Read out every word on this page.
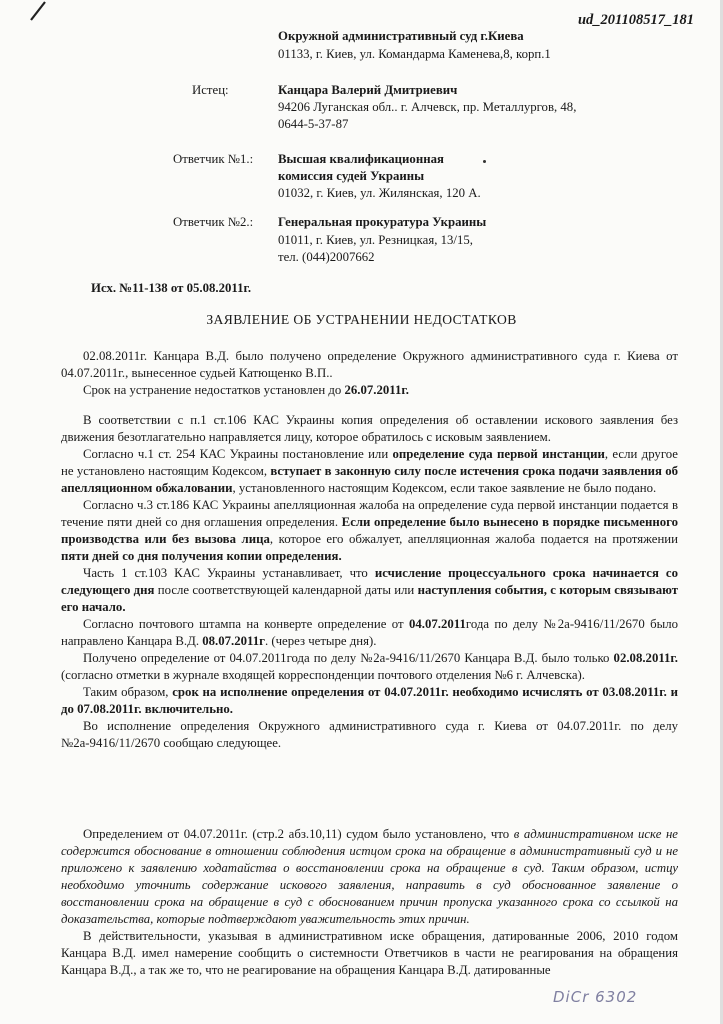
ud_201108517_181
Окружной административный суд г.Киева
01133, г. Киев, ул. Командарма Каменева,8, корп.1
Истец:	Канцара Валерий Дмитриевич
94206 Луганская обл.. г. Алчевск, пр. Металлургов, 48,
0644-5-37-87
Ответчик №1.: Высшая квалификационная
комиссия судей Украины
01032, г. Киев, ул. Жилянская, 120 А.
Ответчик №2.: Генеральная прокуратура Украины
01011, г. Киев, ул. Резницкая, 13/15,
тел. (044)2007662
Исх. №11-138 от 05.08.2011г.
ЗАЯВЛЕНИЕ ОБ УСТРАНЕНИИ НЕДОСТАТКОВ

02.08.2011г. Канцара В.Д. было получено определение Окружного административного суда г. Киева от 04.07.2011г., вынесенное судьей Катющенко В.П..

Срок на устранение недостатков установлен до 26.07.2011г.

В соответствии с п.1 ст.106 КАС Украины копия определения об оставлении искового заявления без движения безотлагательно направляется лицу, которое обратилось с исковым заявлением.

Согласно ч.1 ст. 254 КАС Украины постановление или определение суда первой инстанции, если другое не установлено настоящим Кодексом, вступает в законную силу после истечения срока подачи заявления об апелляционном обжаловании, установленного настоящим Кодексом, если такое заявление не было подано.

Согласно ч.3 ст.186 КАС Украины апелляционная жалоба на определение суда первой инстанции подается в течение пяти дней со дня оглашения определения. Если определение было вынесено в порядке письменного производства или без вызова лица, которое его обжалует, апелляционная жалоба подается на протяжении пяти дней со дня получения копии определения.

Часть 1 ст.103 КАС Украины устанавливает, что исчисление процессуального срока начинается со следующего дня после соответствующей календарной даты или наступления события, с которым связывают его начало.

Согласно почтового штампа на конверте определение от 04.07.2011года по делу №2а-9416/11/2670 было направлено Канцара В.Д. 08.07.2011г. (через четыре дня).

Получено определение от 04.07.2011года по делу №2а-9416/11/2670 Канцара В.Д. было только 02.08.2011г. (согласно отметки в журнале входящей корреспонденции почтового отделения №6 г. Алчевска).

Таким образом, срок на исполнение определения от 04.07.2011г. необходимо исчислять от 03.08.2011г. и до 07.08.2011г. включительно.

Во исполнение определения Окружного административного суда г. Киева от 04.07.2011г. по делу №2а-9416/11/2670 сообщаю следующее.

Определением от 04.07.2011г. (стр.2 абз.10,11) судом было установлено, что в административном иске не содержится обоснование в отношении соблюдения истцом срока на обращение в административный суд и не приложено к заявлению ходатайства о восстановлении срока на обращение в суд. Таким образом, истцу необходимо уточнить содержание искового заявления, направить в суд обоснованное заявление о восстановлении срока на обращение в суд с обоснованием причин пропуска указанного срока со ссылкой на доказательства, которые подтверждают уважительность этих причин.

В действительности, указывая в административном иске обращения, датированные 2006, 2010 годом Канцара В.Д. имел намерение сообщить о системности Ответчиков в части не реагирования на обращения Канцара В.Д., а так же то, что не реагирование на обращения Канцара В.Д. датированные

DiCr 6302
